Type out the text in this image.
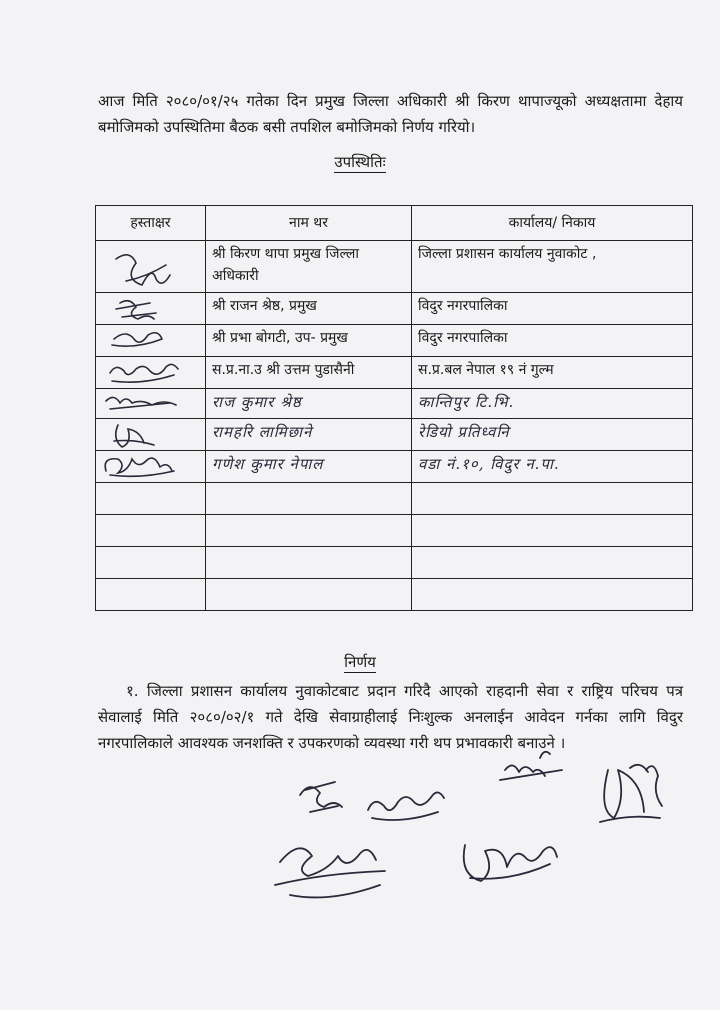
आज मिति २०८०/०१/२५ गतेका दिन प्रमुख जिल्ला अधिकारी श्री किरण थापाज्यूको अध्यक्षतामा देहाय बमोजिमको उपस्थितिमा बैठक बसी तपशिल बमोजिमको निर्णय गरियो।

उपस्थितिः
हस्ताक्षर	नाम थर	कार्यालय/ निकाय

	श्री किरण थापा प्रमुख जिल्ला अधिकारी	जिल्ला प्रशासन कार्यालय नुवाकोट ,

	श्री राजन श्रेष्ठ, प्रमुख	विदुर नगरपालिका

	श्री प्रभा बोगटी, उप- प्रमुख	विदुर नगरपालिका

	स.प्र.ना.उ श्री उत्तम पुडासैनी	स.प्र.बल नेपाल १९ नं गुल्म

	राज कुमार श्रेष्ठ	कान्तिपुर टि.भि.

	रामहरि लामिछाने	रेडियो प्रतिध्वनि

	गणेश कुमार नेपाल	वडा नं.१०, विदुर न.पा.

निर्णय

१. जिल्ला प्रशासन कार्यालय नुवाकोटबाट प्रदान गरिदै आएको राहदानी सेवा र राष्ट्रिय परिचय पत्र सेवालाई मिति २०८०/०२/१ गते देखि सेवाग्राहीलाई निःशुल्क अनलाईन आवेदन गर्नका लागि विदुर नगरपालिकाले आवश्यक जनशक्ति र उपकरणको व्यवस्था गरी थप प्रभावकारी बनाउने ।
